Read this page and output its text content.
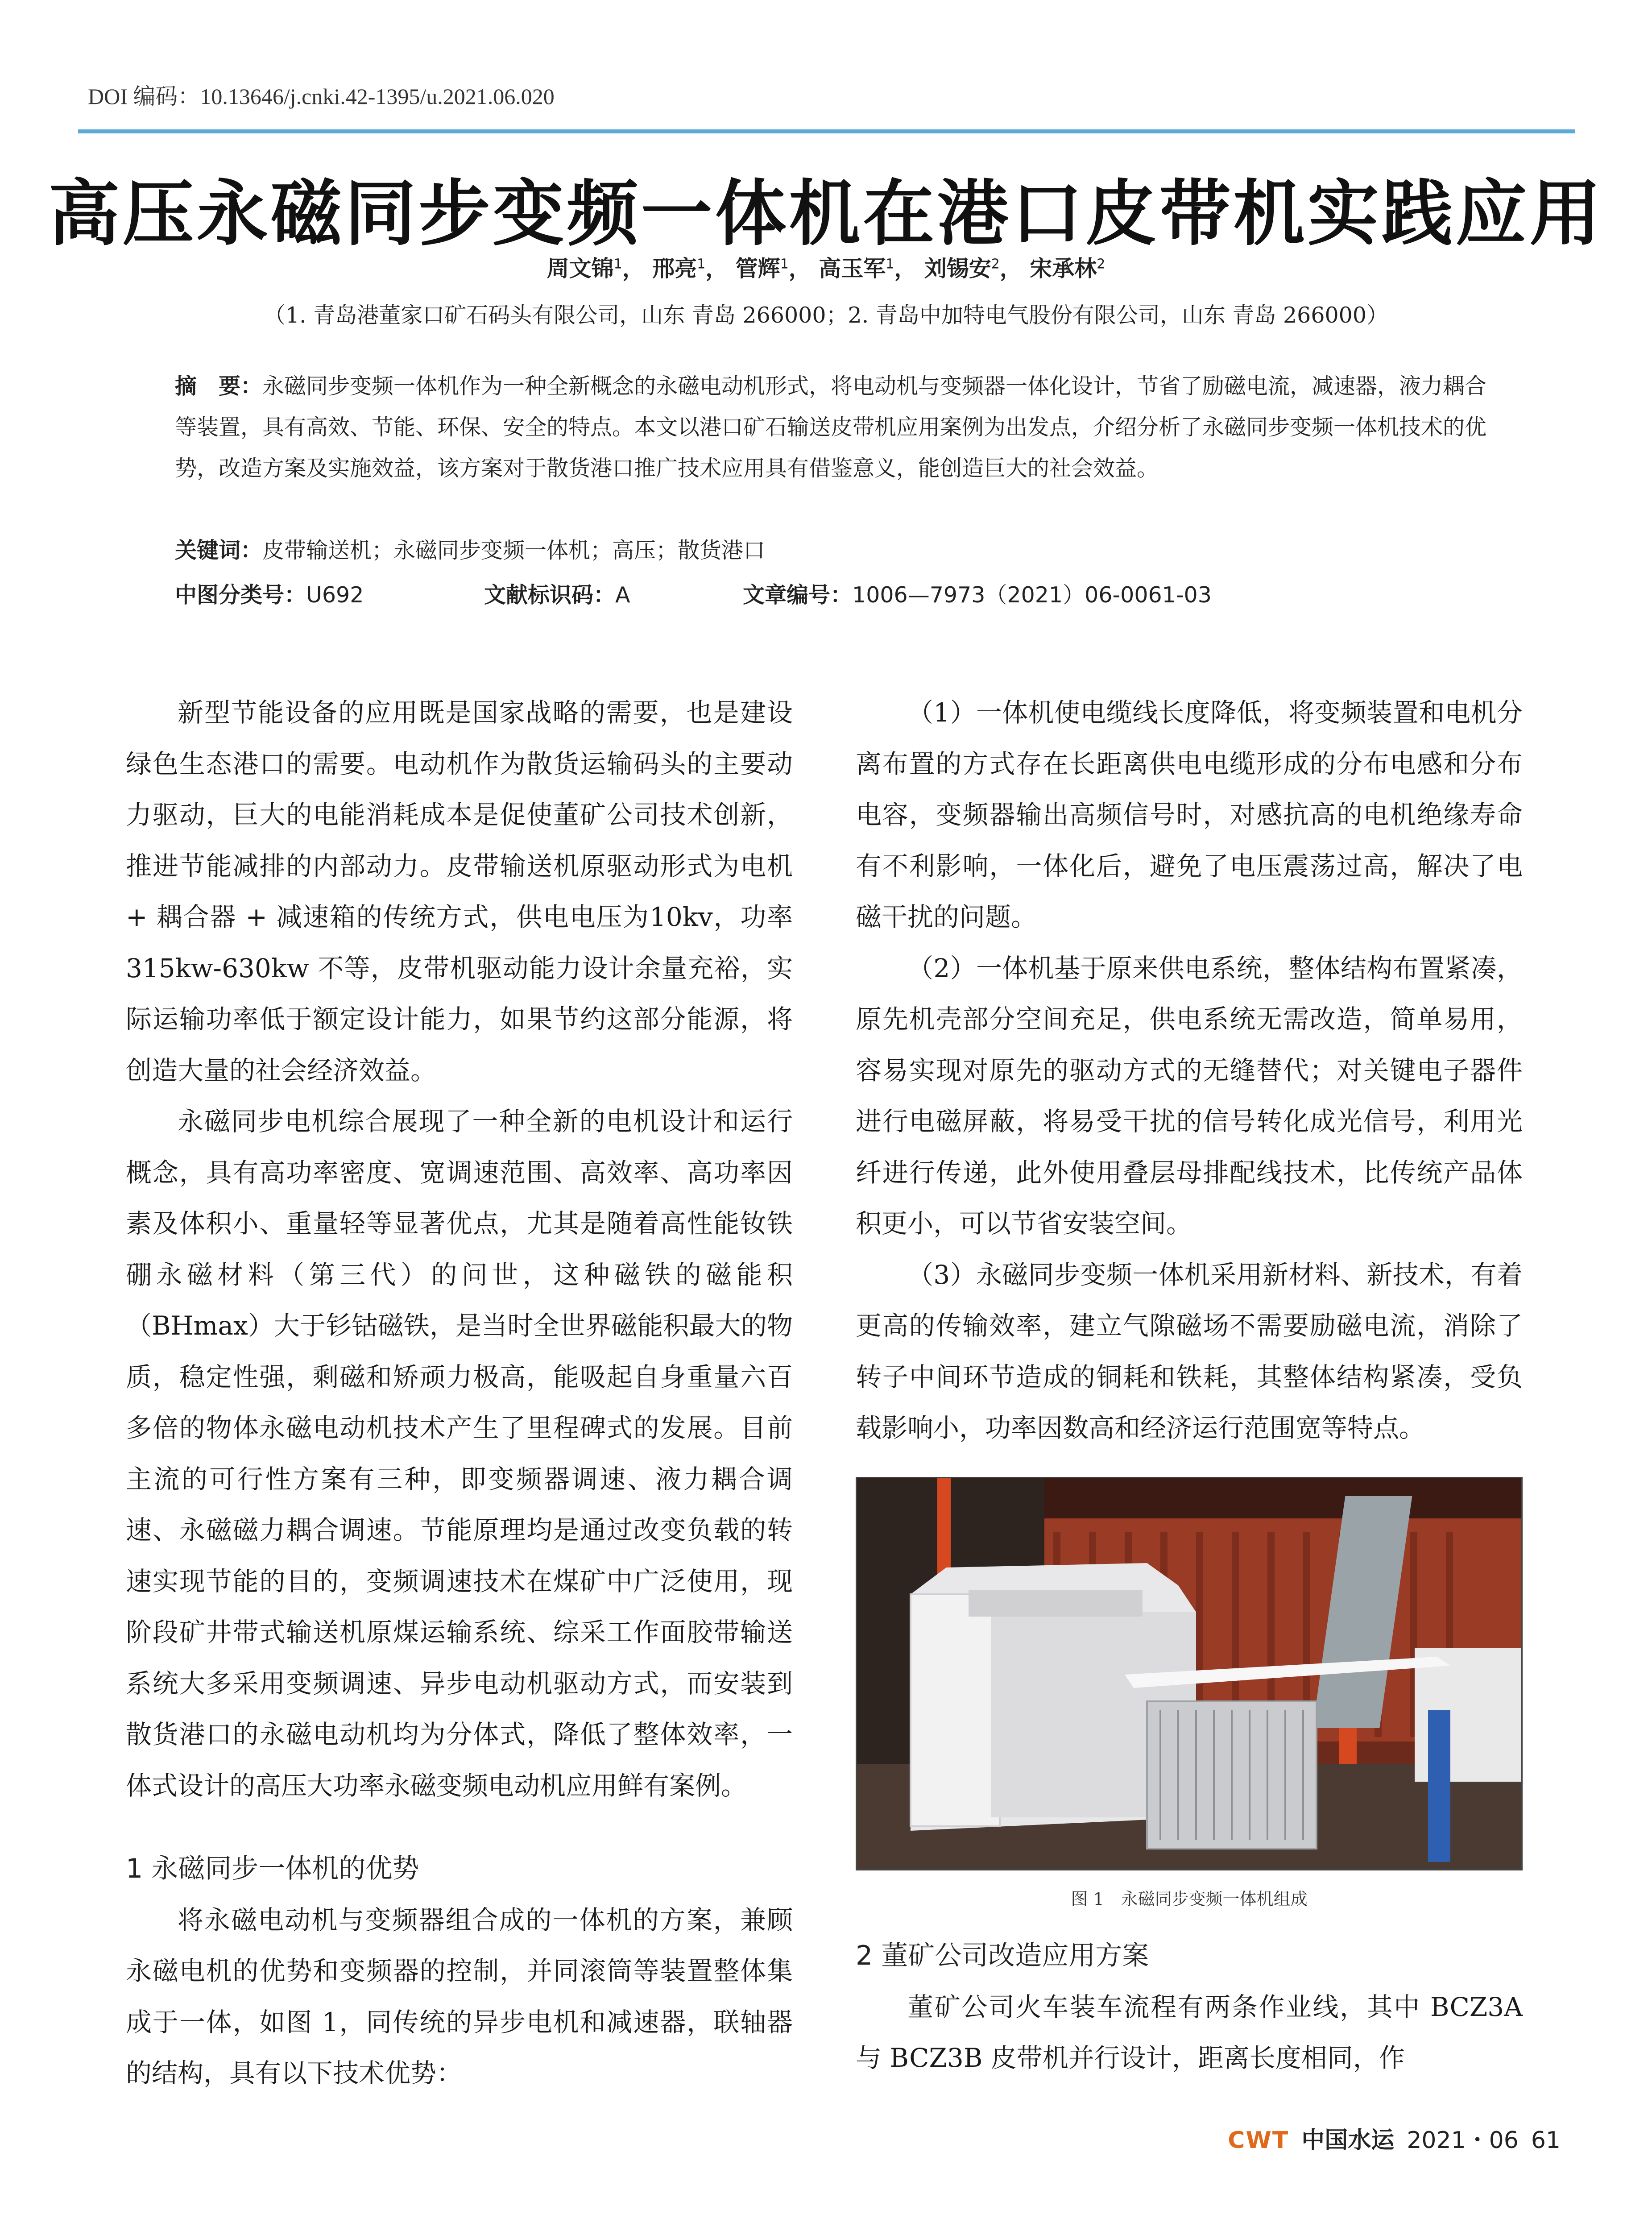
DOI 编码：10.13646/j.cnki.42-1395/u.2021.06.020
高压永磁同步变频一体机在港口皮带机实践应用
周文锦$^1$， 邢亮$^1$， 管辉$^1$， 高玉军$^1$， 刘锡安$^2$， 宋承林$^2$
（1. 青岛港董家口矿石码头有限公司，山东 青岛 266000；2. 青岛中加特电气股份有限公司，山东 青岛 266000）
摘　要：永磁同步变频一体机作为一种全新概念的永磁电动机形式，将电动机与变频器一体化设计，节省了励磁电流，减速器，液力耦合等装置，具有高效、节能、环保、安全的特点。本文以港口矿石输送皮带机应用案例为出发点，介绍分析了永磁同步变频一体机技术的优势，改造方案及实施效益，该方案对于散货港口推广技术应用具有借鉴意义，能创造巨大的社会效益。
关键词：皮带输送机；永磁同步变频一体机；高压；散货港口
中图分类号：U692	文献标识码：A	文章编号：1006—7973（2021）06-0061-03

新型节能设备的应用既是国家战略的需要，也是建设绿色生态港口的需要。电动机作为散货运输码头的主要动力驱动，巨大的电能消耗成本是促使董矿公司技术创新，推进节能减排的内部动力。皮带输送机原驱动形式为电机 + 耦合器 + 减速箱的传统方式，供电电压为10kv，功率 315kw-630kw 不等，皮带机驱动能力设计余量充裕，实际运输功率低于额定设计能力，如果节约这部分能源，将创造大量的社会经济效益。

永磁同步电机综合展现了一种全新的电机设计和运行概念，具有高功率密度、宽调速范围、高效率、高功率因素及体积小、重量轻等显著优点，尤其是随着高性能钕铁硼永磁材料（第三代）的问世，这种磁铁的磁能积（BHmax）大于钐钴磁铁，是当时全世界磁能积最大的物质，稳定性强，剩磁和矫顽力极高，能吸起自身重量六百多倍的物体永磁电动机技术产生了里程碑式的发展。目前主流的可行性方案有三种，即变频器调速、液力耦合调速、永磁磁力耦合调速。节能原理均是通过改变负载的转速实现节能的目的，变频调速技术在煤矿中广泛使用，现阶段矿井带式输送机原煤运输系统、综采工作面胶带输送系统大多采用变频调速、异步电动机驱动方式，而安装到散货港口的永磁电动机均为分体式，降低了整体效率，一体式设计的高压大功率永磁变频电动机应用鲜有案例。

1 永磁同步一体机的优势

将永磁电动机与变频器组合成的一体机的方案，兼顾永磁电机的优势和变频器的控制，并同滚筒等装置整体集成于一体，如图 1，同传统的异步电机和减速器，联轴器的结构，具有以下技术优势：

（1）一体机使电缆线长度降低，将变频装置和电机分离布置的方式存在长距离供电电缆形成的分布电感和分布电容，变频器输出高频信号时，对感抗高的电机绝缘寿命有不利影响，一体化后，避免了电压震荡过高，解决了电磁干扰的问题。

（2）一体机基于原来供电系统，整体结构布置紧凑，原先机壳部分空间充足，供电系统无需改造，简单易用，容易实现对原先的驱动方式的无缝替代；对关键电子器件进行电磁屏蔽，将易受干扰的信号转化成光信号，利用光纤进行传递，此外使用叠层母排配线技术，比传统产品体积更小，可以节省安装空间。

（3）永磁同步变频一体机采用新材料、新技术，有着更高的传输效率，建立气隙磁场不需要励磁电流，消除了转子中间环节造成的铜耗和铁耗，其整体结构紧凑，受负载影响小，功率因数高和经济运行范围宽等特点。

图 1　永磁同步变频一体机组成
2 董矿公司改造应用方案

董矿公司火车装车流程有两条作业线，其中 BCZ3A 与 BCZ3B 皮带机并行设计，距离长度相同，作

CWT 中国水运 2021・06 61
